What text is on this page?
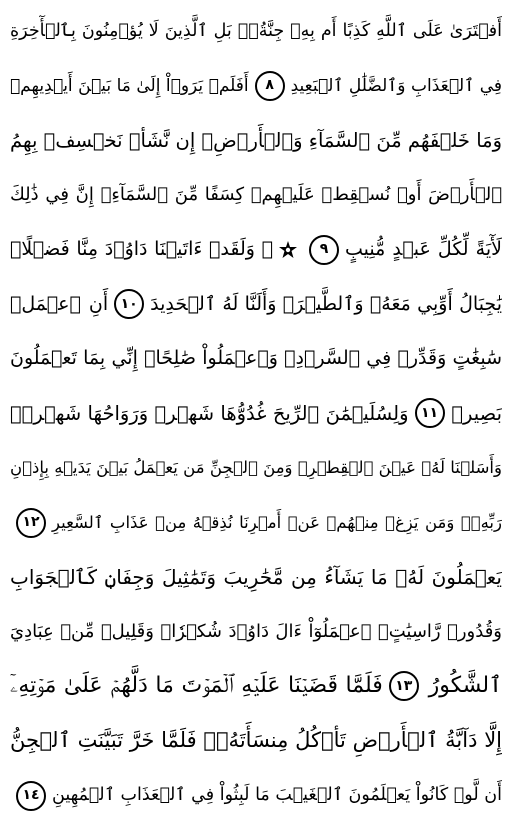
أَفۡتَرَىٰ عَلَى ٱللَّهِ كَذِبًا أَم بِهِۦ جِنَّةُۢۗ بَلِ ٱلَّذِينَ لَا يُؤۡمِنُونَ بِٱلۡأٓخِرَةِ
فِي ٱلۡعَذَابِ وَٱلضَّلَٰلِ ٱلۡبَعِيدِ
٨
أَفَلَمۡ يَرَوۡاْ إِلَىٰ مَا بَيۡنَ أَيۡدِيهِمۡ
وَمَا خَلۡفَهُم مِّنَ ٱلسَّمَآءِ وَٱلۡأَرۡضِۚ إِن نَّشَأۡ نَخۡسِفۡ بِهِمُ
ٱلۡأَرۡضَ أَوۡ نُسۡقِطۡ عَلَيۡهِمۡ كِسَفًا مِّنَ ٱلسَّمَآءِۚ إِنَّ فِي ذَٰلِكَ
لَأٓيَةً لِّكُلِّ عَبۡدٍ مُّنِيبٍ
٩
۞ وَلَقَدۡ ءَاتَيۡنَا دَاوُۥدَ مِنَّا فَضۡلًاۖ
يَٰجِبَالُ أَوِّبِي مَعَهُۥ وَٱلطَّيۡرَۖ وَأَلَنَّا لَهُ ٱلۡحَدِيدَ
١٠
أَنِ ٱعۡمَلۡ
سَٰبِغَٰتٍ وَقَدِّرۡ فِي ٱلسَّرۡدِۖ وَٱعۡمَلُواْ صَٰلِحًاۖ إِنِّي بِمَا تَعۡمَلُونَ
بَصِيرٞ
١١
وَلِسُلَيۡمَٰنَ ٱلرِّيحَ غُدُوُّهَا شَهۡرٞ وَرَوَاحُهَا شَهۡرٞۖ
وَأَسَلۡنَا لَهُۥ عَيۡنَ ٱلۡقِطۡرِۖ وَمِنَ ٱلۡجِنِّ مَن يَعۡمَلُ بَيۡنَ يَدَيۡهِ بِإِذۡنِ
رَبِّهِۦۖ وَمَن يَزِغۡ مِنۡهُمۡ عَنۡ أَمۡرِنَا نُذِقۡهُ مِنۡ عَذَابِ ٱلسَّعِيرِ
١٢
يَعۡمَلُونَ لَهُۥ مَا يَشَآءُ مِن مَّحَٰرِيبَ وَتَمَٰثِيلَ وَجِفَانٖ كَٱلۡجَوَابِ
وَقُدُورٖ رَّاسِيَٰتٍۚ ٱعۡمَلُوٓاْ ءَالَ دَاوُۥدَ شُكۡرٗاۚ وَقَلِيلٞ مِّنۡ عِبَادِيَ
ٱلشَّكُورُ
١٣
فَلَمَّا قَضَيۡنَا عَلَيۡهِ ٱلۡمَوۡتَ مَا دَلَّهُمۡ عَلَىٰ مَوۡتِهِۦٓ
إِلَّا دَآبَّةُ ٱلۡأَرۡضِ تَأۡكُلُ مِنسَأَتَهُۥۖ فَلَمَّا خَرَّ تَبَيَّنَتِ ٱلۡجِنُّ
أَن لَّوۡ كَانُواْ يَعۡلَمُونَ ٱلۡغَيۡبَ مَا لَبِثُواْ فِي ٱلۡعَذَابِ ٱلۡمُهِينِ
١٤
